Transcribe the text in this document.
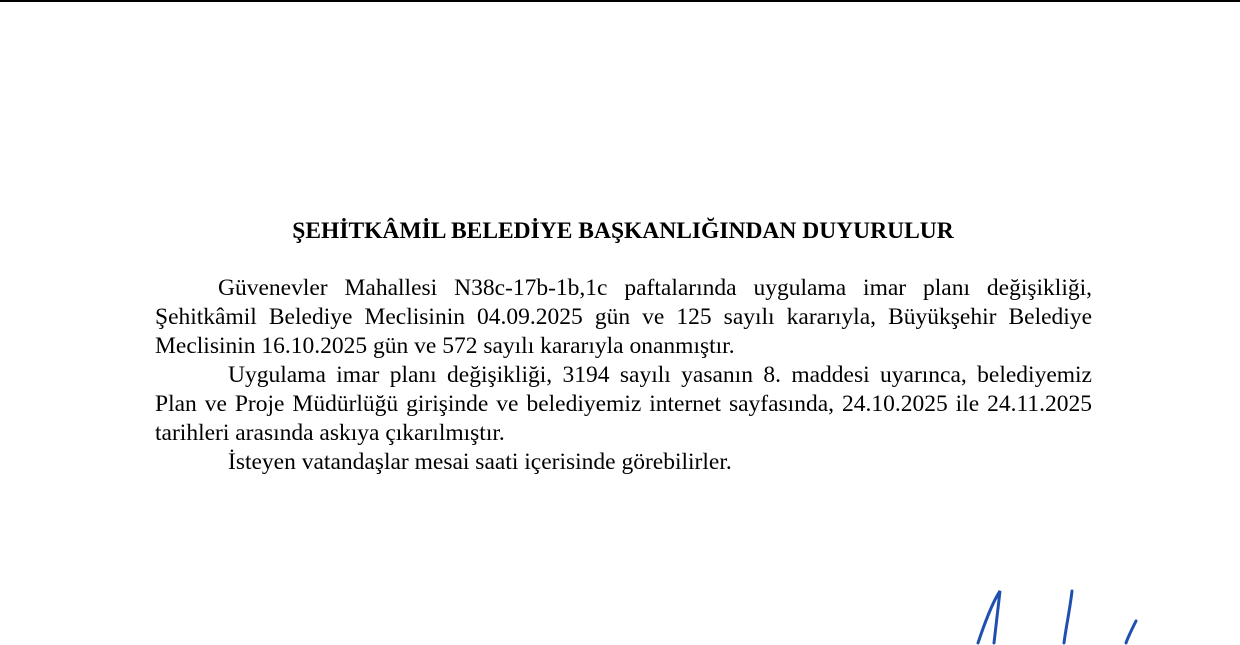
ŞEHİTKÂMİL BELEDİYE BAŞKANLIĞINDAN DUYURULUR

Güvenevler Mahallesi N38c-17b-1b,1c paftalarında uygulama imar planı değişikliği, Şehitkâmil Belediye Meclisinin 04.09.2025 gün ve 125 sayılı kararıyla, Büyükşehir Belediye Meclisinin 16.10.2025 gün ve 572 sayılı kararıyla onanmıştır.

Uygulama imar planı değişikliği, 3194 sayılı yasanın 8. maddesi uyarınca, belediyemiz Plan ve Proje Müdürlüğü girişinde ve belediyemiz internet sayfasında, 24.10.2025 ile 24.11.2025 tarihleri arasında askıya çıkarılmıştır.

İsteyen vatandaşlar mesai saati içerisinde görebilirler.
